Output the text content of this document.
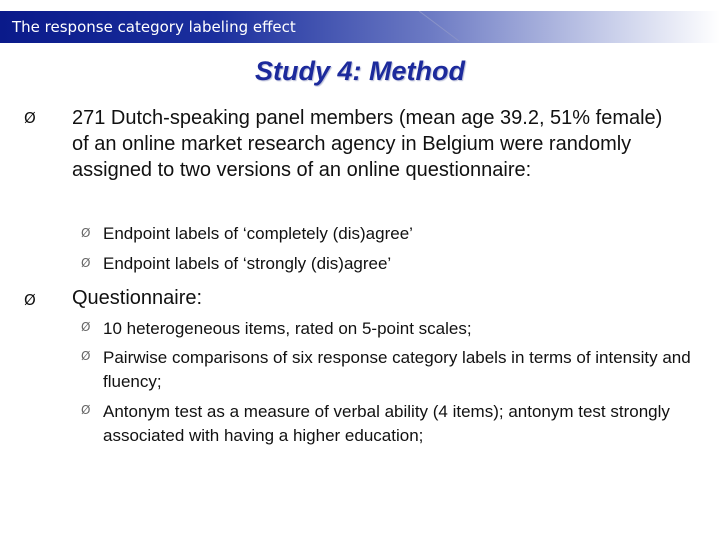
The response category labeling effect
Study 4: Method
Ø 271 Dutch-speaking panel members (mean age 39.2, 51% female) of an online market research agency in Belgium were randomly assigned to two versions of an online questionnaire:
Ø Endpoint labels of ‘completely (dis)agree’
Ø Endpoint labels of ‘strongly (dis)agree’
Ø Questionnaire:
Ø 10 heterogeneous items, rated on 5-point scales;
Ø Pairwise comparisons of six response category labels in terms of intensity and fluency;
Ø Antonym test as a measure of verbal ability (4 items); antonym test strongly associated with having a higher education;
